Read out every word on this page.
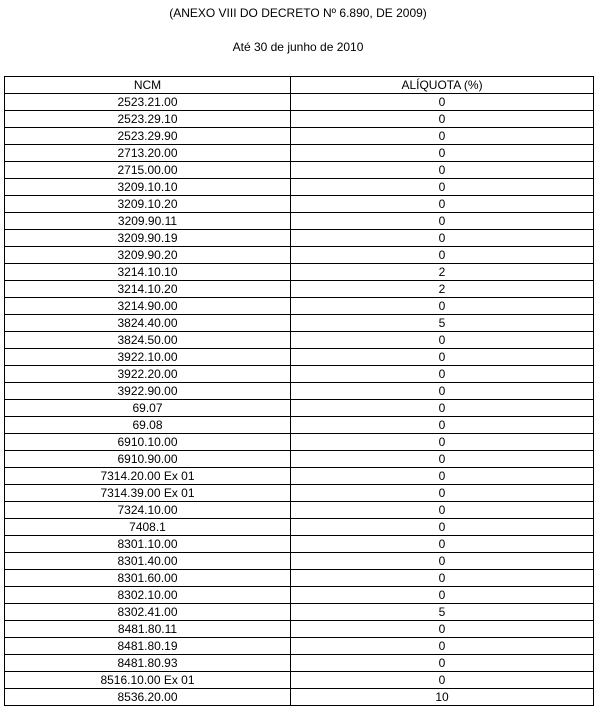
(ANEXO VIII DO DECRETO Nº 6.890, DE 2009)
Até 30 de junho de 2010
NCM	ALÍQUOTA (%)
2523.21.00	0
2523.29.10	0
2523.29.90	0
2713.20.00	0
2715.00.00	0
3209.10.10	0
3209.10.20	0
3209.90.11	0
3209.90.19	0
3209.90.20	0
3214.10.10	2
3214.10.20	2
3214.90.00	0
3824.40.00	5
3824.50.00	0
3922.10.00	0
3922.20.00	0
3922.90.00	0
69.07	0
69.08	0
6910.10.00	0
6910.90.00	0
7314.20.00 Ex 01	0
7314.39.00 Ex 01	0
7324.10.00	0
7408.1	0
8301.10.00	0
8301.40.00	0
8301.60.00	0
8302.10.00	0
8302.41.00	5
8481.80.11	0
8481.80.19	0
8481.80.93	0
8516.10.00 Ex 01	0
8536.20.00	10
